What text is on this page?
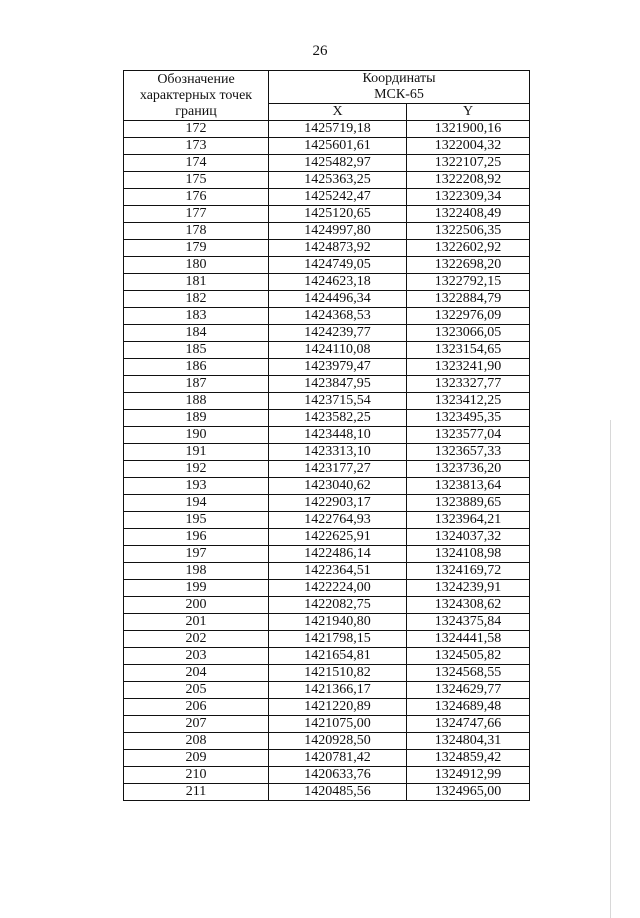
26
Обозначение
характерных точек
границ	Координаты
МСК-65	

	X	Y
172	1425719,18	1321900,16
173	1425601,61	1322004,32
174	1425482,97	1322107,25
175	1425363,25	1322208,92
176	1425242,47	1322309,34
177	1425120,65	1322408,49
178	1424997,80	1322506,35
179	1424873,92	1322602,92
180	1424749,05	1322698,20
181	1424623,18	1322792,15
182	1424496,34	1322884,79
183	1424368,53	1322976,09
184	1424239,77	1323066,05
185	1424110,08	1323154,65
186	1423979,47	1323241,90
187	1423847,95	1323327,77
188	1423715,54	1323412,25
189	1423582,25	1323495,35
190	1423448,10	1323577,04
191	1423313,10	1323657,33
192	1423177,27	1323736,20
193	1423040,62	1323813,64
194	1422903,17	1323889,65
195	1422764,93	1323964,21
196	1422625,91	1324037,32
197	1422486,14	1324108,98
198	1422364,51	1324169,72
199	1422224,00	1324239,91
200	1422082,75	1324308,62
201	1421940,80	1324375,84
202	1421798,15	1324441,58
203	1421654,81	1324505,82
204	1421510,82	1324568,55
205	1421366,17	1324629,77
206	1421220,89	1324689,48
207	1421075,00	1324747,66
208	1420928,50	1324804,31
209	1420781,42	1324859,42
210	1420633,76	1324912,99
211	1420485,56	1324965,00
